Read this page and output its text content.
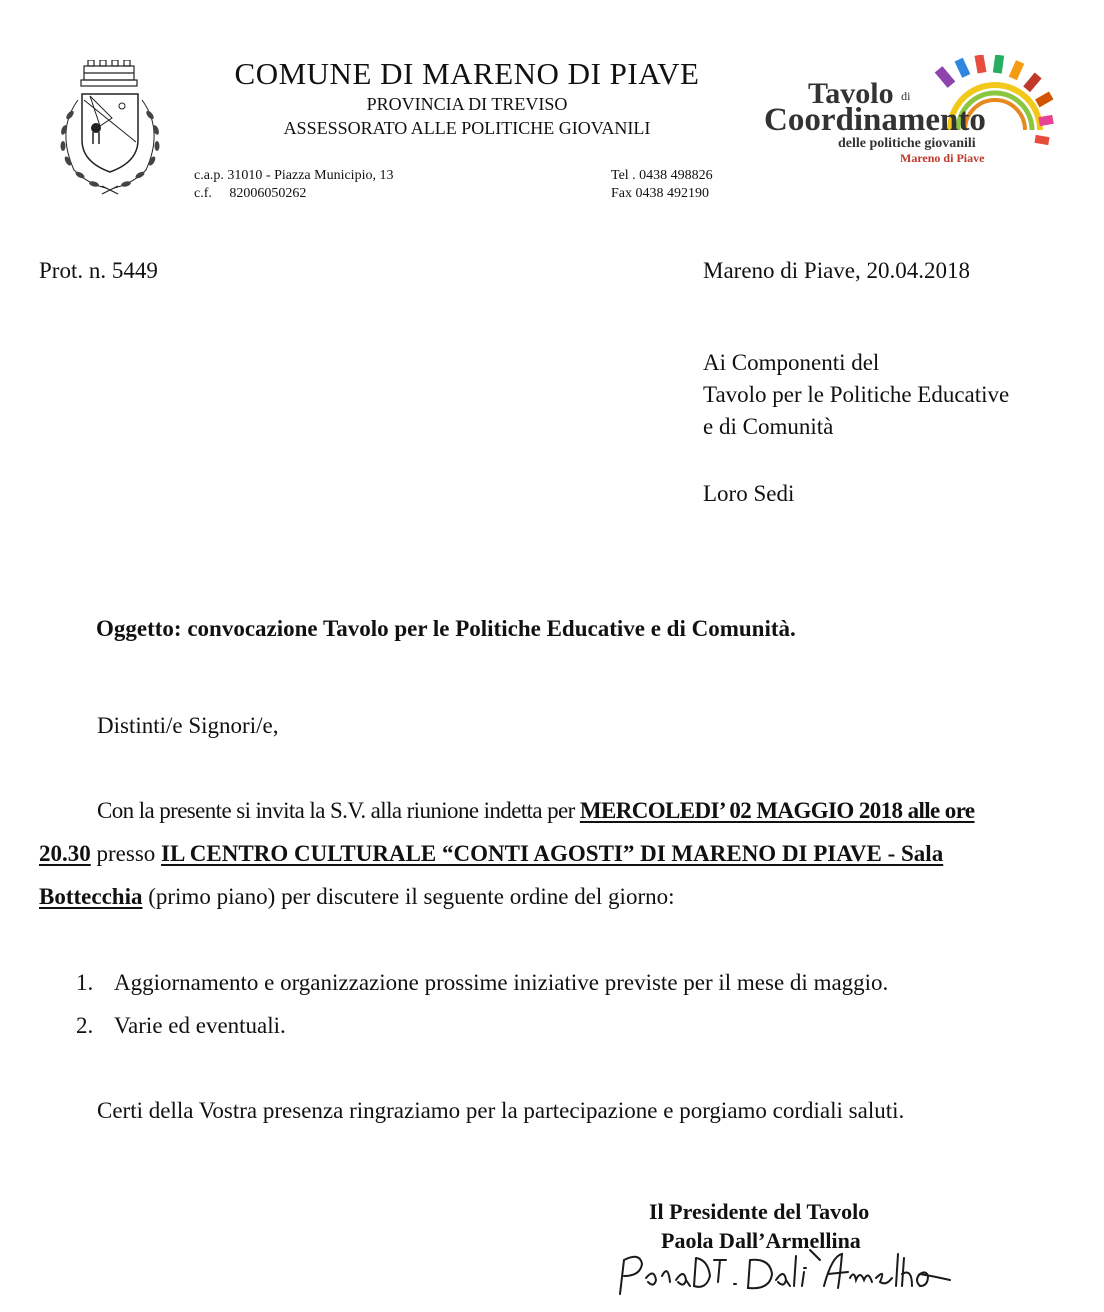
COMUNE DI MARENO DI PIAVE
PROVINCIA DI TREVISO
ASSESSORATO ALLE POLITICHE GIOVANILI
c.a.p. 31010 - Piazza Municipio, 13
c.f.     82006050262
Tel . 0438 498826
Fax 0438 492190
Tavolo di
Coordinamento
delle politiche giovanili
Mareno di Piave
Prot. n. 5449	Mareno di Piave, 20.04.2018
Ai Componenti del
Tavolo per le Politiche Educative
e di Comunità
Loro Sedi
Oggetto: convocazione Tavolo per le Politiche Educative e di Comunità.
Distinti/e Signori/e,
Con la presente si invita la S.V. alla riunione indetta per MERCOLEDI’ 02 MAGGIO 2018 alle ore
20.30 presso IL CENTRO CULTURALE “CONTI AGOSTI” DI MARENO DI PIAVE - Sala
Bottecchia (primo piano) per discutere il seguente ordine del giorno:
1. Aggiornamento e organizzazione prossime iniziative previste per il mese di maggio.
2. Varie ed eventuali.
Certi della Vostra presenza ringraziamo per la partecipazione e porgiamo cordiali saluti.
Il Presidente del Tavolo
Paola Dall’Armellina
